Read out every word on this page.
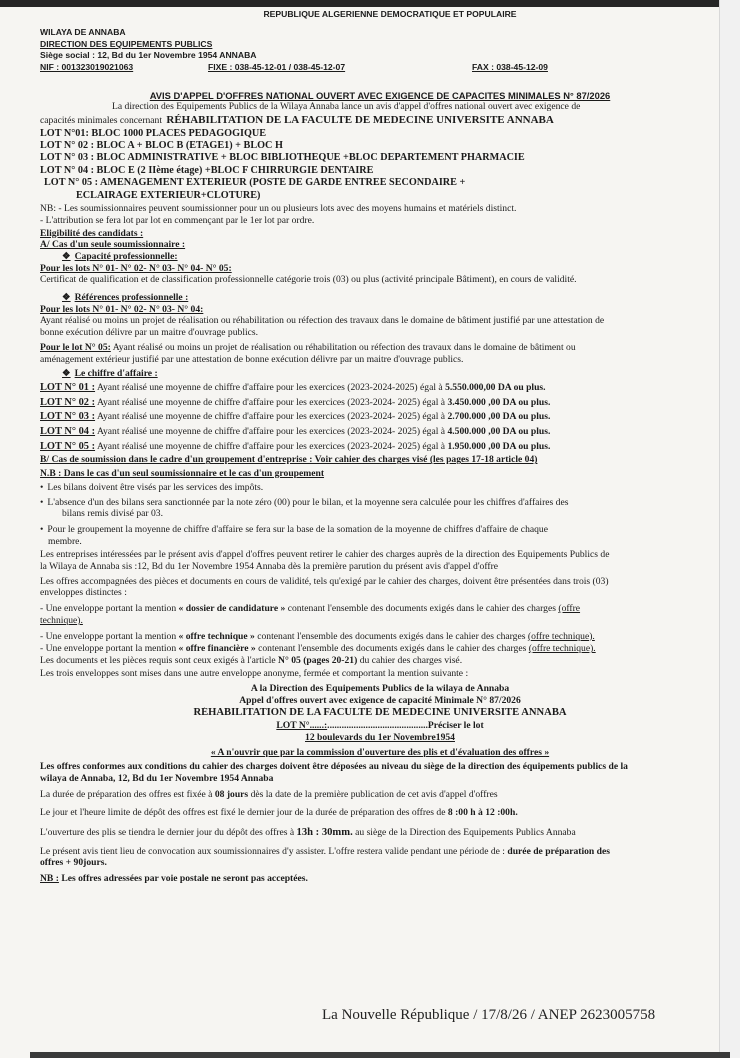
REPUBLIQUE ALGERIENNE DEMOCRATIQUE ET POPULAIRE
WILAYA DE ANNABA
DIRECTION DES EQUIPEMENTS PUBLICS
Siège social : 12, Bd du 1er Novembre 1954 ANNABA
NIF : 001323019021063	FIXE : 038-45-12-01 / 038-45-12-07	FAX : 038-45-12-09
AVIS D'APPEL D'OFFRES NATIONAL OUVERT AVEC EXIGENCE DE CAPACITES MINIMALES N° 87/2026
La direction des Equipements Publics de la Wilaya Annaba lance un avis d'appel d'offres national ouvert avec exigence de
capacités minimales concernant RÉHABILITATION DE LA FACULTE DE MEDECINE UNIVERSITE ANNABA
LOT N°01: BLOC 1000 PLACES PEDAGOGIQUE
LOT N° 02 : BLOC A + BLOC B (ETAGE1) + BLOC H
LOT N° 03 : BLOC ADMINISTRATIVE + BLOC BIBLIOTHEQUE +BLOC DEPARTEMENT PHARMACIE
LOT N° 04 : BLOC E (2 IIème étage) +BLOC F CHIRRURGIE DENTAIRE
LOT N° 05 : AMENAGEMENT EXTERIEUR (POSTE DE GARDE ENTREE SECONDAIRE +
ECLAIRAGE EXTERIEUR+CLOTURE)
NB: - Les soumissionnaires peuvent soumissionner pour un ou plusieurs lots avec des moyens humains et matériels distinct.
- L'attribution se fera lot par lot en commençant par le 1er lot par ordre.
Eligibilité des candidats :
A/ Cas d'un seule soumissionnaire :
❖ Capacité professionnelle:
Pour les lots N° 01- N° 02- N° 03- N° 04- N° 05:
Certificat de qualification et de classification professionnelle catégorie trois (03) ou plus (activité principale Bâtiment), en cours de validité.
❖ Références professionnelle :
Pour les lots N° 01- N° 02- N° 03- N° 04:
Ayant réalisé ou moins un projet de réalisation ou réhabilitation ou réfection des travaux dans le domaine de bâtiment justifié par une attestation de
bonne exécution délivre par un maitre d'ouvrage publics.
Pour le lot N° 05: Ayant réalisé ou moins un projet de réalisation ou réhabilitation ou réfection des travaux dans le domaine de bâtiment ou
aménagement extérieur justifié par une attestation de bonne exécution délivre par un maitre d'ouvrage publics.
❖ Le chiffre d'affaire :
LOT N° 01 : Ayant réalisé une moyenne de chiffre d'affaire pour les exercices (2023-2024-2025) égal à 5.550.000,00 DA ou plus.
LOT N° 02 : Ayant réalisé une moyenne de chiffre d'affaire pour les exercices (2023-2024- 2025) égal à 3.450.000 ,00 DA ou plus.
LOT N° 03 : Ayant réalisé une moyenne de chiffre d'affaire pour les exercices (2023-2024- 2025) égal à 2.700.000 ,00 DA ou plus.
LOT N° 04 : Ayant réalisé une moyenne de chiffre d'affaire pour les exercices (2023-2024- 2025) égal à 4.500.000 ,00 DA ou plus.
LOT N° 05 : Ayant réalisé une moyenne de chiffre d'affaire pour les exercices (2023-2024- 2025) égal à 1.950.000 ,00 DA ou plus.
B/ Cas de soumission dans le cadre d'un groupement d'entreprise : Voir cahier des charges visé (les pages 17-18 article 04)
N.B : Dans le cas d'un seul soumissionnaire et le cas d'un groupement
• Les bilans doivent être visés par les services des impôts.
• L'absence d'un des bilans sera sanctionnée par la note zéro (00) pour le bilan, et la moyenne sera calculée pour les chiffres d'affaires des
bilans remis divisé par 03.
• Pour le groupement la moyenne de chiffre d'affaire se fera sur la base de la somation de la moyenne de chiffres d'affaire de chaque
membre.
Les entreprises intéressées par le présent avis d'appel d'offres peuvent retirer le cahier des charges auprès de la direction des Equipements Publics de
la Wilaya de Annaba sis :12, Bd du 1er Novembre 1954 Annaba dès la première parution du présent avis d'appel d'offre
Les offres accompagnées des pièces et documents en cours de validité, tels qu'exigé par le cahier des charges, doivent être présentées dans trois (03)
enveloppes distinctes :
- Une enveloppe portant la mention « dossier de candidature » contenant l'ensemble des documents exigés dans le cahier des charges (offre
technique).
- Une enveloppe portant la mention « offre technique » contenant l'ensemble des documents exigés dans le cahier des charges (offre technique).
- Une enveloppe portant la mention « offre financière » contenant l'ensemble des documents exigés dans le cahier des charges (offre technique).
Les documents et les pièces requis sont ceux exigés à l'article N° 05 (pages 20-21) du cahier des charges visé.
Les trois enveloppes sont mises dans une autre enveloppe anonyme, fermée et comportant la mention suivante :
A la Direction des Equipements Publics de la wilaya de Annaba
Appel d'offres ouvert avec exigence de capacité Minimale N° 87/2026
RÉHABILITATION DE LA FACULTE DE MEDECINE UNIVERSITE ANNABA
LOT N°......:..........................................Préciser le lot
12 boulevards du 1er Novembre1954
« A n'ouvrir que par la commission d'ouverture des plis et d'évaluation des offres »
Les offres conformes aux conditions du cahier des charges doivent être déposées au niveau du siège de la direction des équipements publics de la
wilaya de Annaba, 12, Bd du 1er Novembre 1954 Annaba
La durée de préparation des offres est fixée à 08 jours dès la date de la première publication de cet avis d'appel d'offres
Le jour et l'heure limite de dépôt des offres est fixé le dernier jour de la durée de préparation des offres de 8 :00 h à 12 :00h.
L'ouverture des plis se tiendra le dernier jour du dépôt des offres à 13h : 30mm. au siège de la Direction des Equipements Publics Annaba
Le présent avis tient lieu de convocation aux soumissionnaires d'y assister. L'offre restera valide pendant une période de : durée de préparation des
offres + 90jours.
NB : Les offres adressées par voie postale ne seront pas acceptées.
La Nouvelle République / 17/8/26 / ANEP 2623005758
